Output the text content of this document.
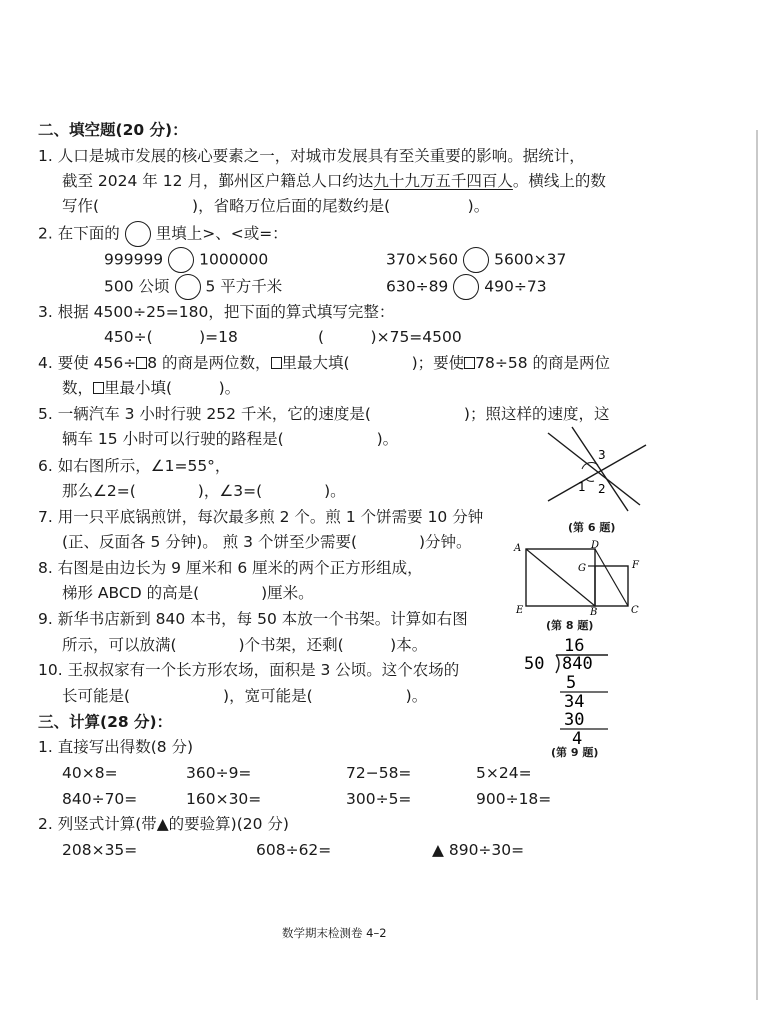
二、填空题(20 分)：
1. 人口是城市发展的核心要素之一，对城市发展具有至关重要的影响。据统计，
截至 2024 年 12 月，鄞州区户籍总人口约达九十九万五千四百人。横线上的数
写作(　　　　　　)，省略万位后面的尾数约是(　　　　　)。
2. 在下面的 里填上>、<或=：
999999 1000000	370×560 5600×37
500 公顷 5 平方千米	630÷89 490÷73
3. 根据 4500÷25=180，把下面的算式填写完整：
450÷(　　　)=18	(　　　)×75=4500
4. 要使 456÷ 8 的商是两位数， 里最大填(　　　　)；要使 78÷58 的商是两位
数， 里最小填(　　　)。
5. 一辆汽车 3 小时行驶 252 千米，它的速度是(　　　　　　)；照这样的速度，这
辆车 15 小时可以行驶的路程是(　　　　　　)。
6. 如右图所示，∠1=55°，
那么∠2=(　　　　)，∠3=(　　　　)。
7. 用一只平底锅煎饼，每次最多煎 2 个。煎 1 个饼需要 10 分钟
(正、反面各 5 分钟)。 煎 3 个饼至少需要(　　　　)分钟。
8. 右图是由边长为 9 厘米和 6 厘米的两个正方形组成，
梯形 ABCD 的高是(　　　　)厘米。
9. 新华书店新到 840 本书，每 50 本放一个书架。计算如右图
所示，可以放满(　　　　)个书架，还剩(　　　)本。
10. 王叔叔家有一个长方形农场，面积是 3 公顷。这个农场的
长可能是(　　　　　　)，宽可能是(　　　　　　)。
1 2
3
(第 6 题)
A	D
G	F
E	B	C
(第 8 题)
16
50 840
5
34
30
4
(第 9 题)
三、计算(28 分)：
1. 直接写出得数(8 分)
40×8=	360÷9=	72−58=	5×24=
840÷70=	160×30=	300÷5=	900÷18=
2. 列竖式计算(带▲的要验算)(20 分)
208×35=	608÷62=	▲ 890÷30=
数学期末检测卷 4–2
